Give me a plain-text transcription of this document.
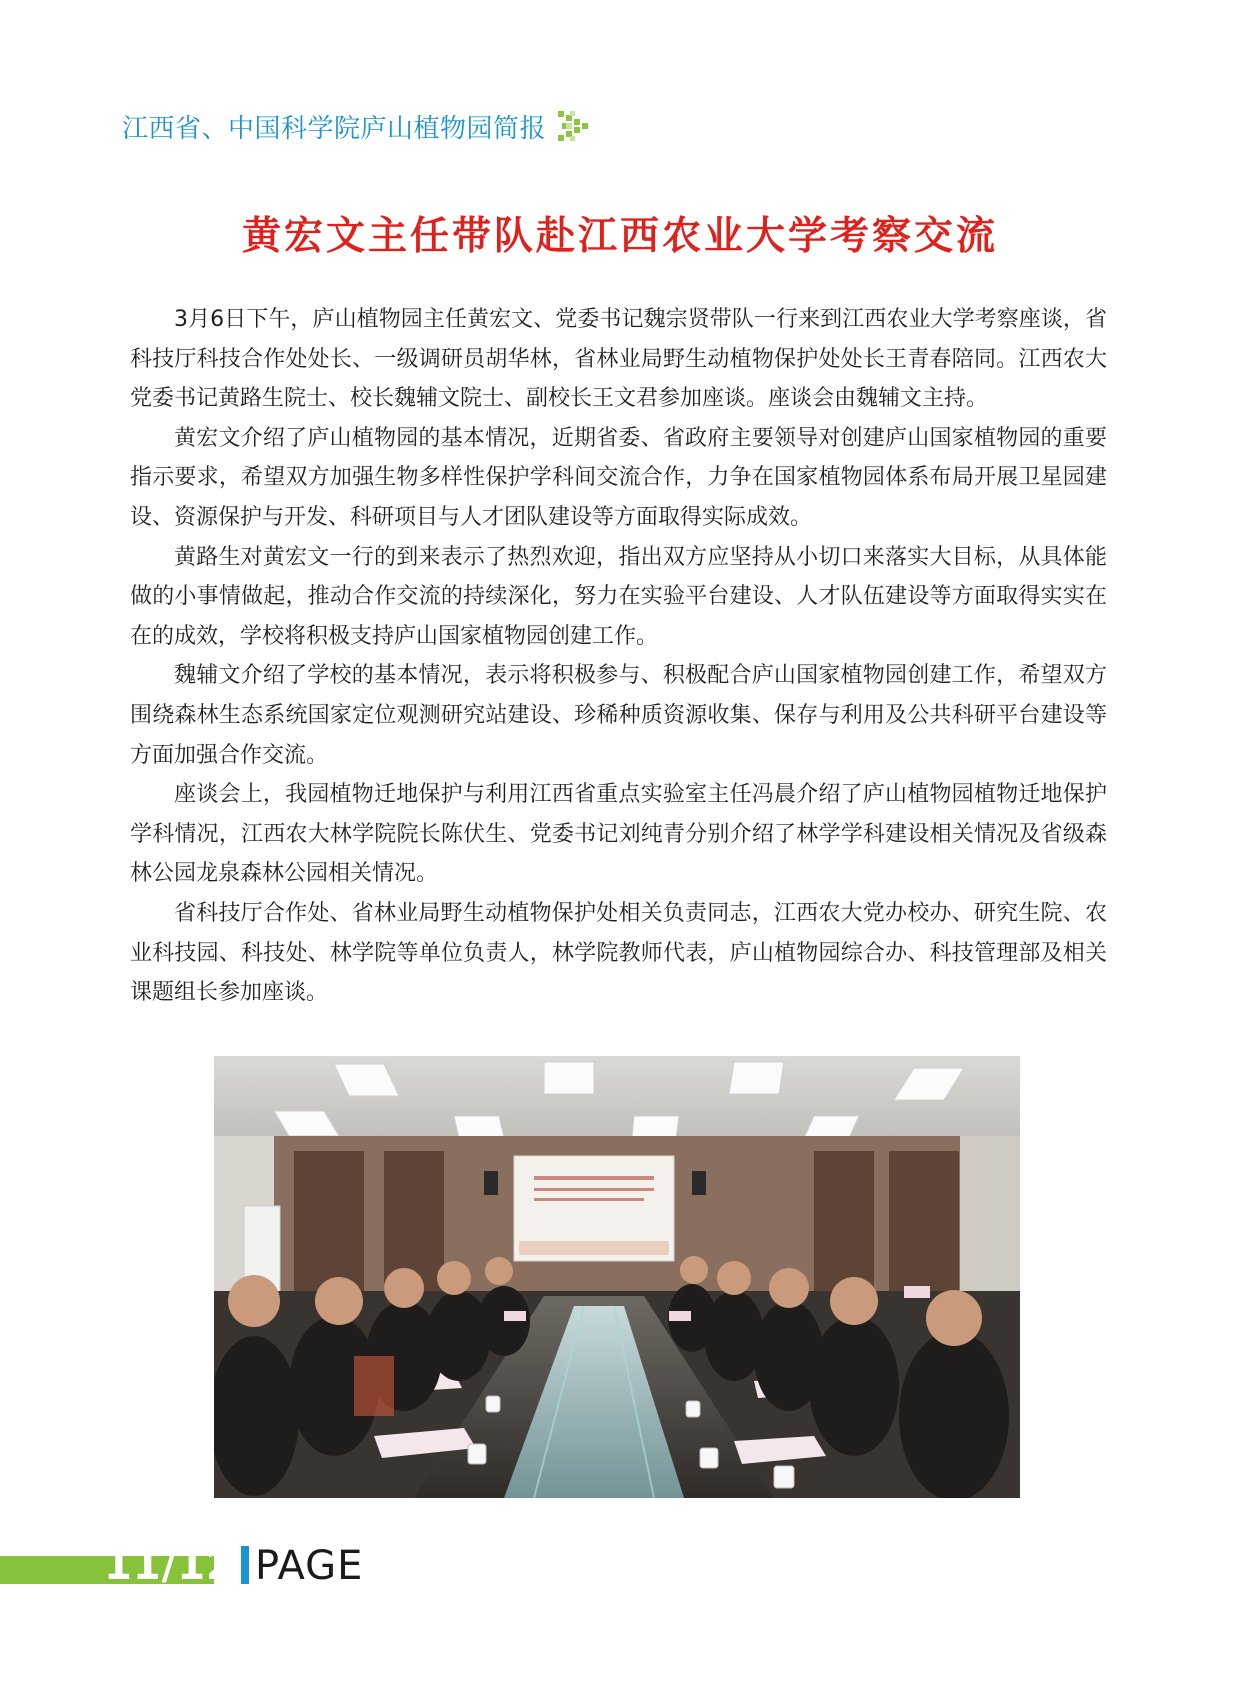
江西省、中国科学院庐山植物园简报
黄宏文主任带队赴江西农业大学考察交流

3月6日下午，庐山植物园主任黄宏文、党委书记魏宗贤带队一行来到江西农业大学考察座谈，省科技厅科技合作处处长、一级调研员胡华林，省林业局野生动植物保护处处长王青春陪同。江西农大党委书记黄路生院士、校长魏辅文院士、副校长王文君参加座谈。座谈会由魏辅文主持。

黄宏文介绍了庐山植物园的基本情况，近期省委、省政府主要领导对创建庐山国家植物园的重要指示要求，希望双方加强生物多样性保护学科间交流合作，力争在国家植物园体系布局开展卫星园建设、资源保护与开发、科研项目与人才团队建设等方面取得实际成效。

黄路生对黄宏文一行的到来表示了热烈欢迎，指出双方应坚持从小切口来落实大目标，从具体能做的小事情做起，推动合作交流的持续深化，努力在实验平台建设、人才队伍建设等方面取得实实在在的成效，学校将积极支持庐山国家植物园创建工作。

魏辅文介绍了学校的基本情况，表示将积极参与、积极配合庐山国家植物园创建工作，希望双方围绕森林生态系统国家定位观测研究站建设、珍稀种质资源收集、保存与利用及公共科研平台建设等方面加强合作交流。

座谈会上，我园植物迁地保护与利用江西省重点实验室主任冯晨介绍了庐山植物园植物迁地保护学科情况，江西农大林学院院长陈伏生、党委书记刘纯青分别介绍了林学学科建设相关情况及省级森林公园龙泉森林公园相关情况。

省科技厅合作处、省林业局野生动植物保护处相关负责同志，江西农大党办校办、研究生院、农业科技园、科技处、林学院等单位负责人，林学院教师代表，庐山植物园综合办、科技管理部及相关课题组长参加座谈。

11/12 PAGE
